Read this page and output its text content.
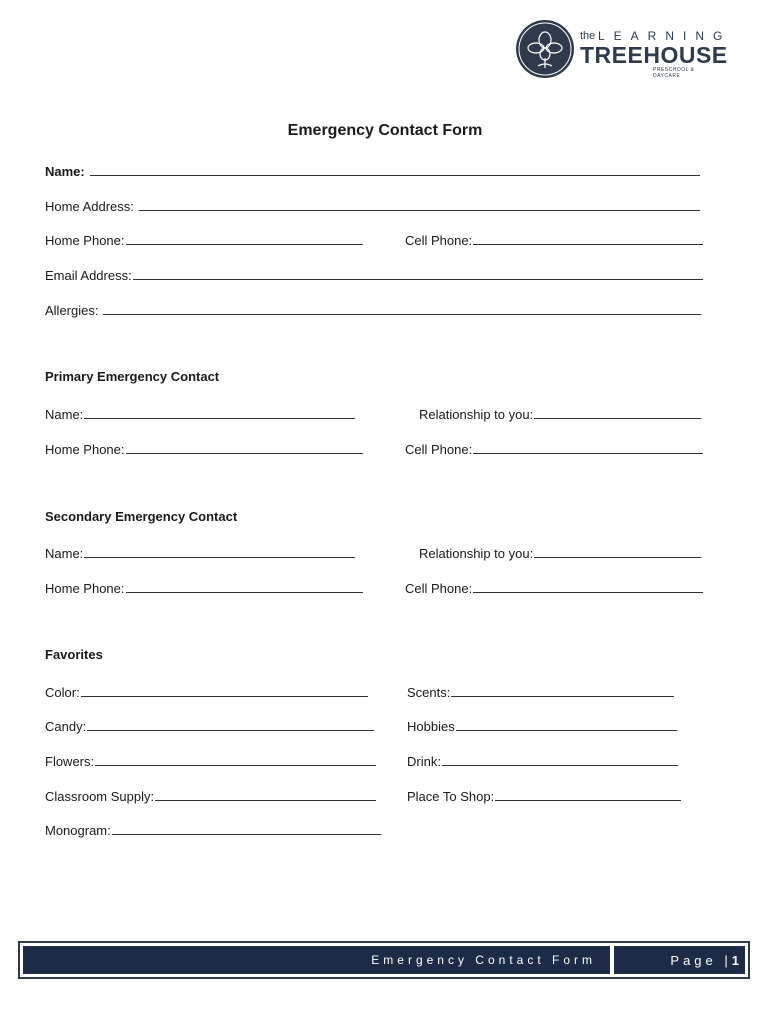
the LEARNING
TREEHOUSE
PRESCHOOL & DAYCARE
Emergency Contact Form
Name:
Home Address:
Home Phone:	Cell Phone:
Email Address:
Allergies:
Primary Emergency Contact
Name:	Relationship to you:
Home Phone:	Cell Phone:
Secondary Emergency Contact
Name:	Relationship to you:
Home Phone:	Cell Phone:
Favorites
Color:	Scents:
Candy:	Hobbies
Flowers:	Drink:
Classroom Supply:	Place To Shop:
Monogram:
Emergency Contact Form	Page | 1
